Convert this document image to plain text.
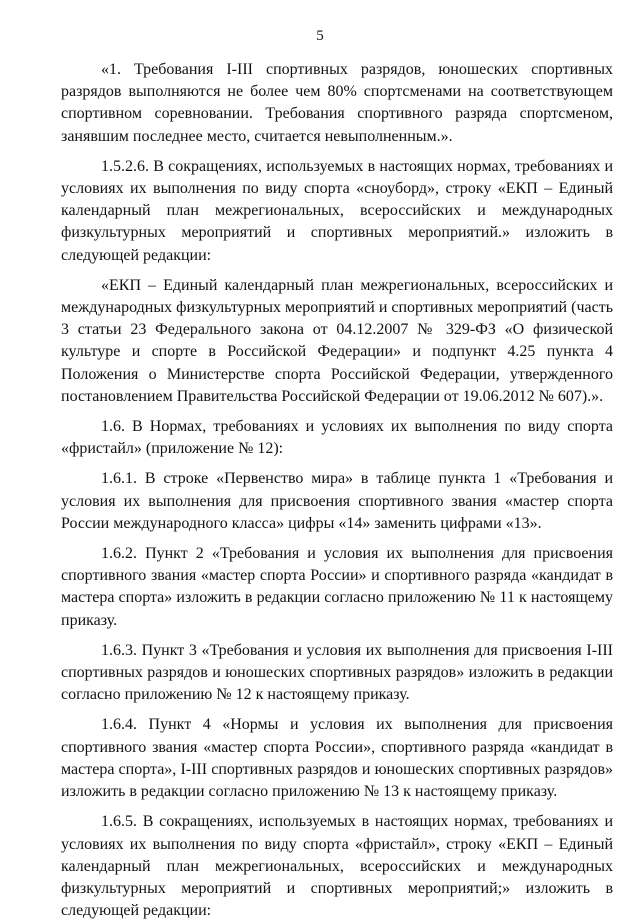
5

«1. Требования I-III спортивных разрядов, юношеских спортивных разрядов выполняются не более чем 80% спортсменами на соответствующем спортивном соревновании. Требования спортивного разряда спортсменом, занявшим последнее место, считается невыполненным.».

1.5.2.6. В сокращениях, используемых в настоящих нормах, требованиях и условиях их выполнения по виду спорта «сноуборд», строку «ЕКП – Единый календарный план межрегиональных, всероссийских и международных физкультурных мероприятий и спортивных мероприятий.» изложить в следующей редакции:

«ЕКП – Единый календарный план межрегиональных, всероссийских и международных физкультурных мероприятий и спортивных мероприятий (часть 3 статьи 23 Федерального закона от 04.12.2007 № 329-ФЗ «О физической культуре и спорте в Российской Федерации» и подпункт 4.25 пункта 4 Положения о Министерстве спорта Российской Федерации, утвержденного постановлением Правительства Российской Федерации от 19.06.2012 № 607).».

1.6. В Нормах, требованиях и условиях их выполнения по виду спорта «фристайл» (приложение № 12):

1.6.1. В строке «Первенство мира» в таблице пункта 1 «Требования и условия их выполнения для присвоения спортивного звания «мастер спорта России международного класса» цифры «14» заменить цифрами «13».

1.6.2. Пункт 2 «Требования и условия их выполнения для присвоения спортивного звания «мастер спорта России» и спортивного разряда «кандидат в мастера спорта» изложить в редакции согласно приложению № 11 к настоящему приказу.

1.6.3. Пункт 3 «Требования и условия их выполнения для присвоения I-III спортивных разрядов и юношеских спортивных разрядов» изложить в редакции согласно приложению № 12 к настоящему приказу.

1.6.4. Пункт 4 «Нормы и условия их выполнения для присвоения спортивного звания «мастер спорта России», спортивного разряда «кандидат в мастера спорта», I-III спортивных разрядов и юношеских спортивных разрядов» изложить в редакции согласно приложению № 13 к настоящему приказу.

1.6.5. В сокращениях, используемых в настоящих нормах, требованиях и условиях их выполнения по виду спорта «фристайл», строку «ЕКП – Единый календарный план межрегиональных, всероссийских и международных физкультурных мероприятий и спортивных мероприятий;» изложить в следующей редакции:
